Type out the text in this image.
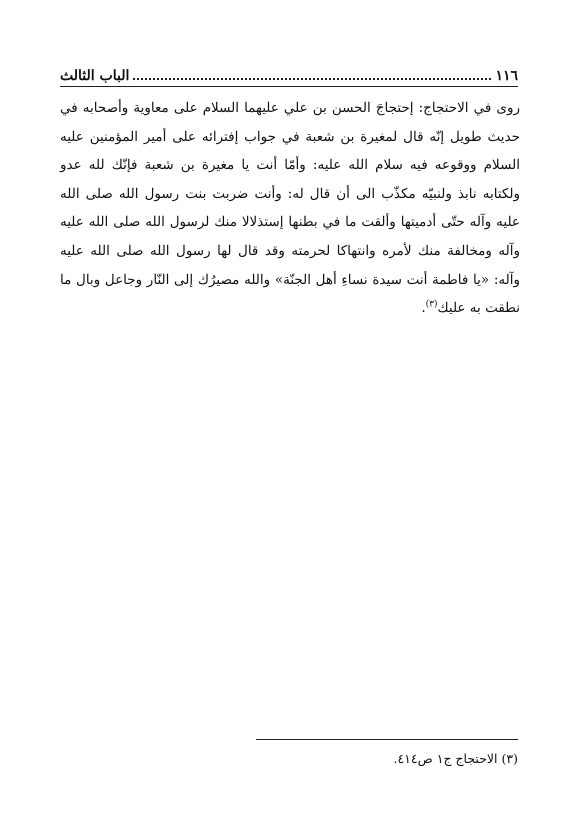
١١٦
الباب الثالث

روى في الاحتجاج: إحتجاجَ الحسن بن علي عليهما السلام على معاوية وأصحابه في حديث طويل إنّه قال لمغيرة بن شعبة في جواب إفترائه على أمير المؤمنين عليه السلام ووقوعه فيه سلام الله عليه: وأمّا أنت يا مغيرة بن شعبة فإنّك لله عدو ولكتابه نابذ ولنبيّه مكذّب الى أن قال له: وأنت ضربت بنت رسول الله صلى الله عليه وآله حتّى أدميتها وألقت ما في بطنها إستذلالا منك لرسول الله صلى الله عليه وآله ومخالفة منك لأمره وانتهاكا لحرمته وقد قال لها رسول الله صلى الله عليه وآله: «يا فاطمة أنت سيدة نساءِ أهل الجنّة» والله مصيرُك إلى النّار وجاعل وبال ما نطقت به عليك$^{(٣)}$.

(٣) الاحتجاج ج١ ص٤١٤.
